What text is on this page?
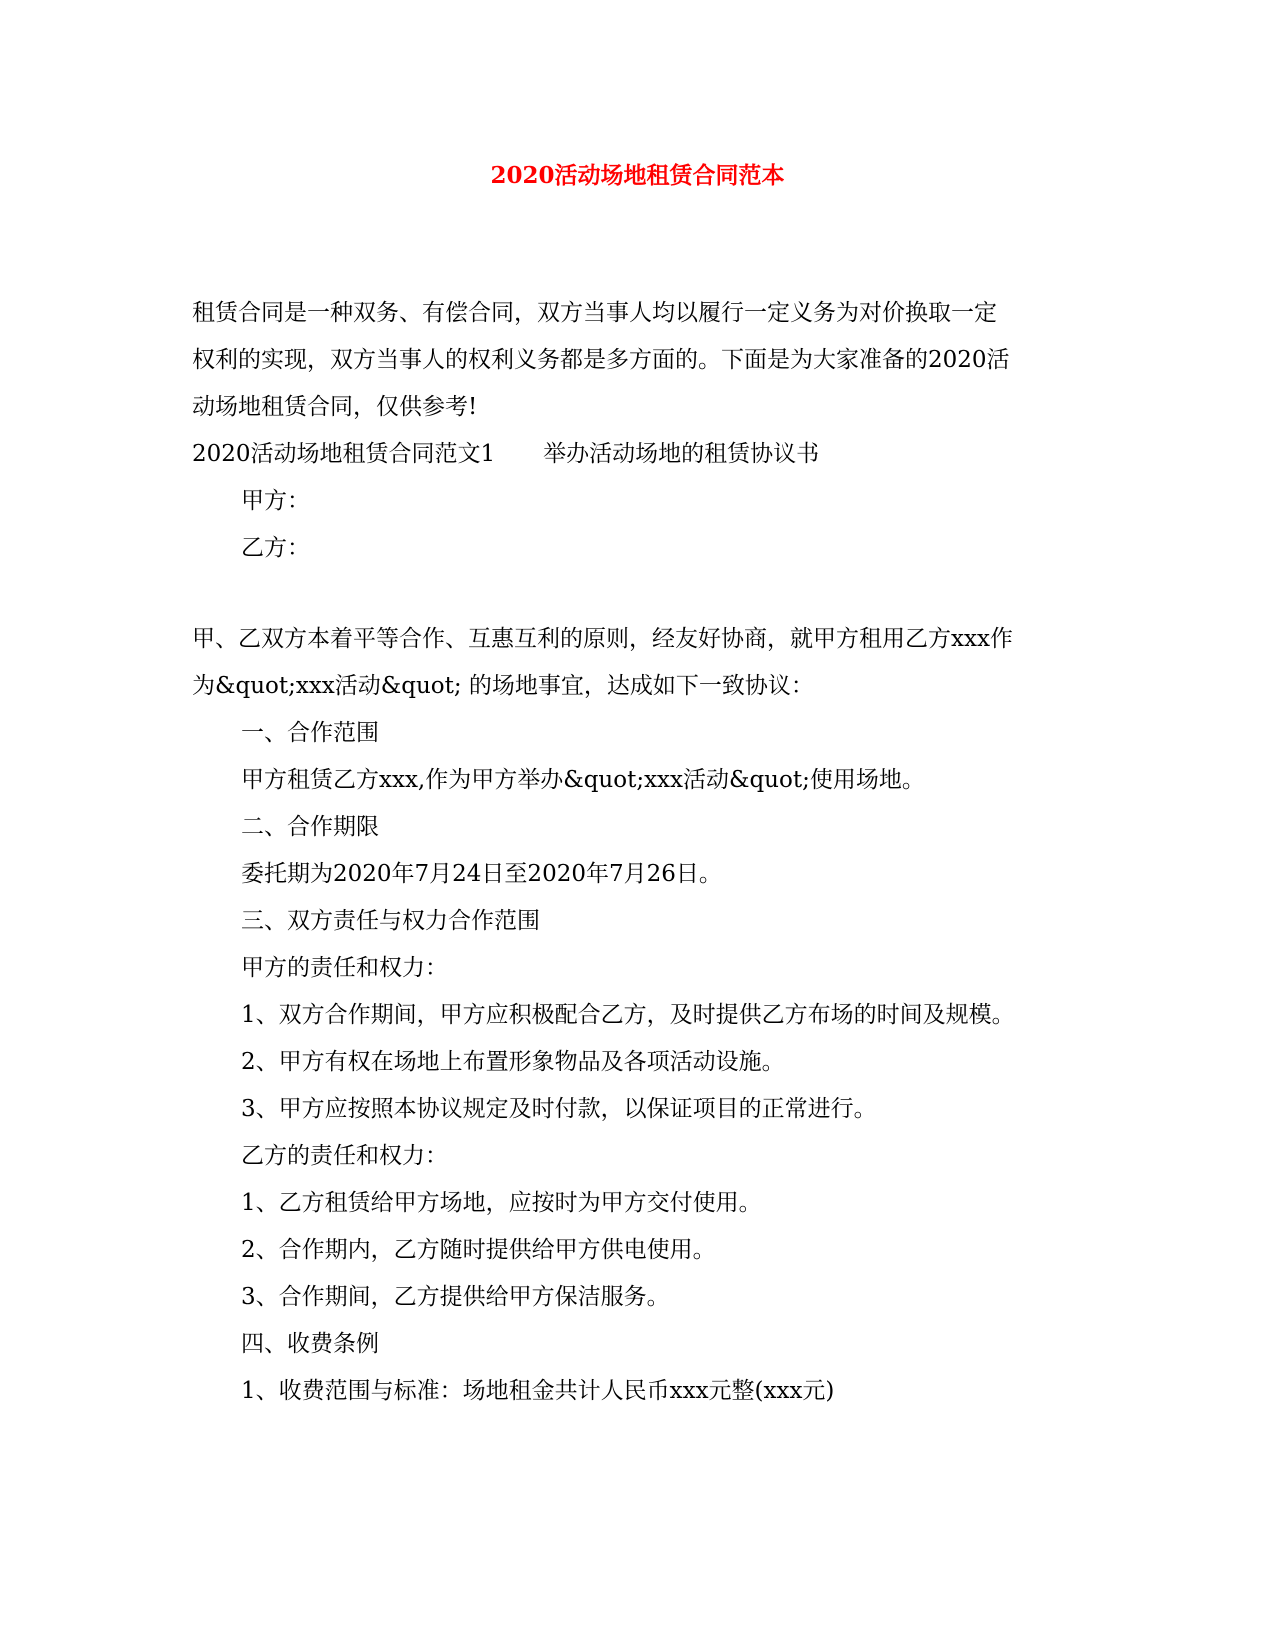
2020活动场地租赁合同范本
租赁合同是一种双务、有偿合同，双方当事人均以履行一定义务为对价换取一定
权利的实现，双方当事人的权利义务都是多方面的。下面是为大家准备的2020活
动场地租赁合同，仅供参考!
2020活动场地租赁合同范文1 举办活动场地的租赁协议书
甲方：
乙方：
甲、乙双方本着平等合作、互惠互利的原则，经友好协商，就甲方租用乙方xxx作
为&quot;xxx活动&quot; 的场地事宜，达成如下一致协议：
一、合作范围
甲方租赁乙方xxx,作为甲方举办&quot;xxx活动&quot;使用场地。
二、合作期限
委托期为2020年7月24日至2020年7月26日。
三、双方责任与权力合作范围
甲方的责任和权力：
1、双方合作期间，甲方应积极配合乙方，及时提供乙方布场的时间及规模。
2、甲方有权在场地上布置形象物品及各项活动设施。
3、甲方应按照本协议规定及时付款，以保证项目的正常进行。
乙方的责任和权力：
1、乙方租赁给甲方场地，应按时为甲方交付使用。
2、合作期内，乙方随时提供给甲方供电使用。
3、合作期间，乙方提供给甲方保洁服务。
四、收费条例
1、收费范围与标准：场地租金共计人民币xxx元整(xxx元)
